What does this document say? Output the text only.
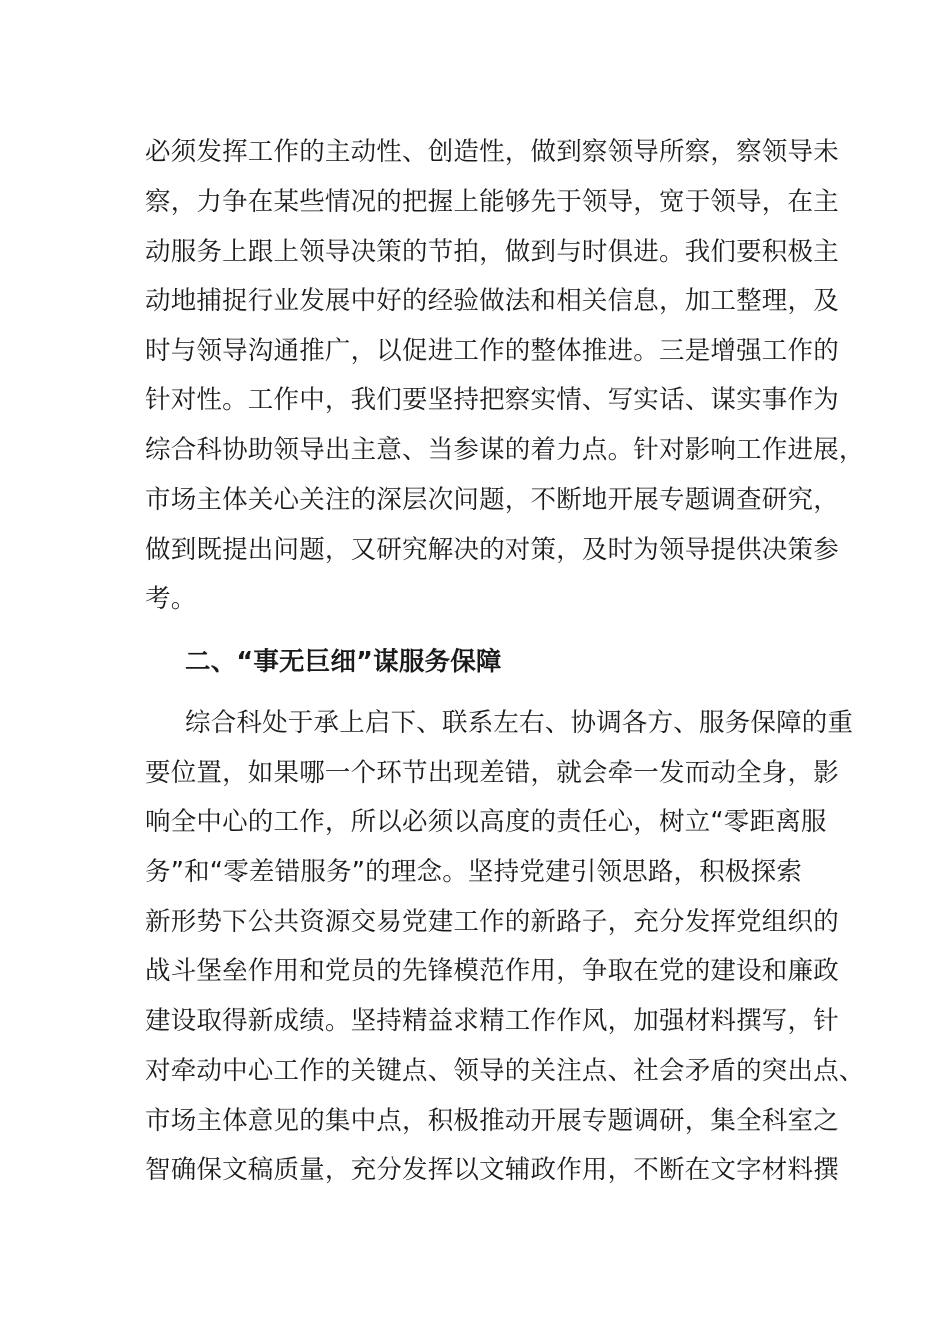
必须发挥工作的主动性、创造性，做到察领导所察，察领导未
察，力争在某些情况的把握上能够先于领导，宽于领导，在主
动服务上跟上领导决策的节拍，做到与时俱进。我们要积极主
动地捕捉行业发展中好的经验做法和相关信息，加工整理，及
时与领导沟通推广，以促进工作的整体推进。三是增强工作的
针对性。工作中，我们要坚持把察实情、写实话、谋实事作为
综合科协助领导出主意、当参谋的着力点。针对影响工作进展，
市场主体关心关注的深层次问题，不断地开展专题调查研究，
做到既提出问题，又研究解决的对策，及时为领导提供决策参
考。
二、“事无巨细”谋服务保障
综合科处于承上启下、联系左右、协调各方、服务保障的重
要位置，如果哪一个环节出现差错，就会牵一发而动全身，影
响全中心的工作，所以必须以高度的责任心，树立“零距离服
务”和“零差错服务”的理念。坚持党建引领思路，积极探索
新形势下公共资源交易党建工作的新路子，充分发挥党组织的
战斗堡垒作用和党员的先锋模范作用，争取在党的建设和廉政
建设取得新成绩。坚持精益求精工作作风，加强材料撰写，针
对牵动中心工作的关键点、领导的关注点、社会矛盾的突出点、
市场主体意见的集中点，积极推动开展专题调研，集全科室之
智确保文稿质量，充分发挥以文辅政作用，不断在文字材料撰
